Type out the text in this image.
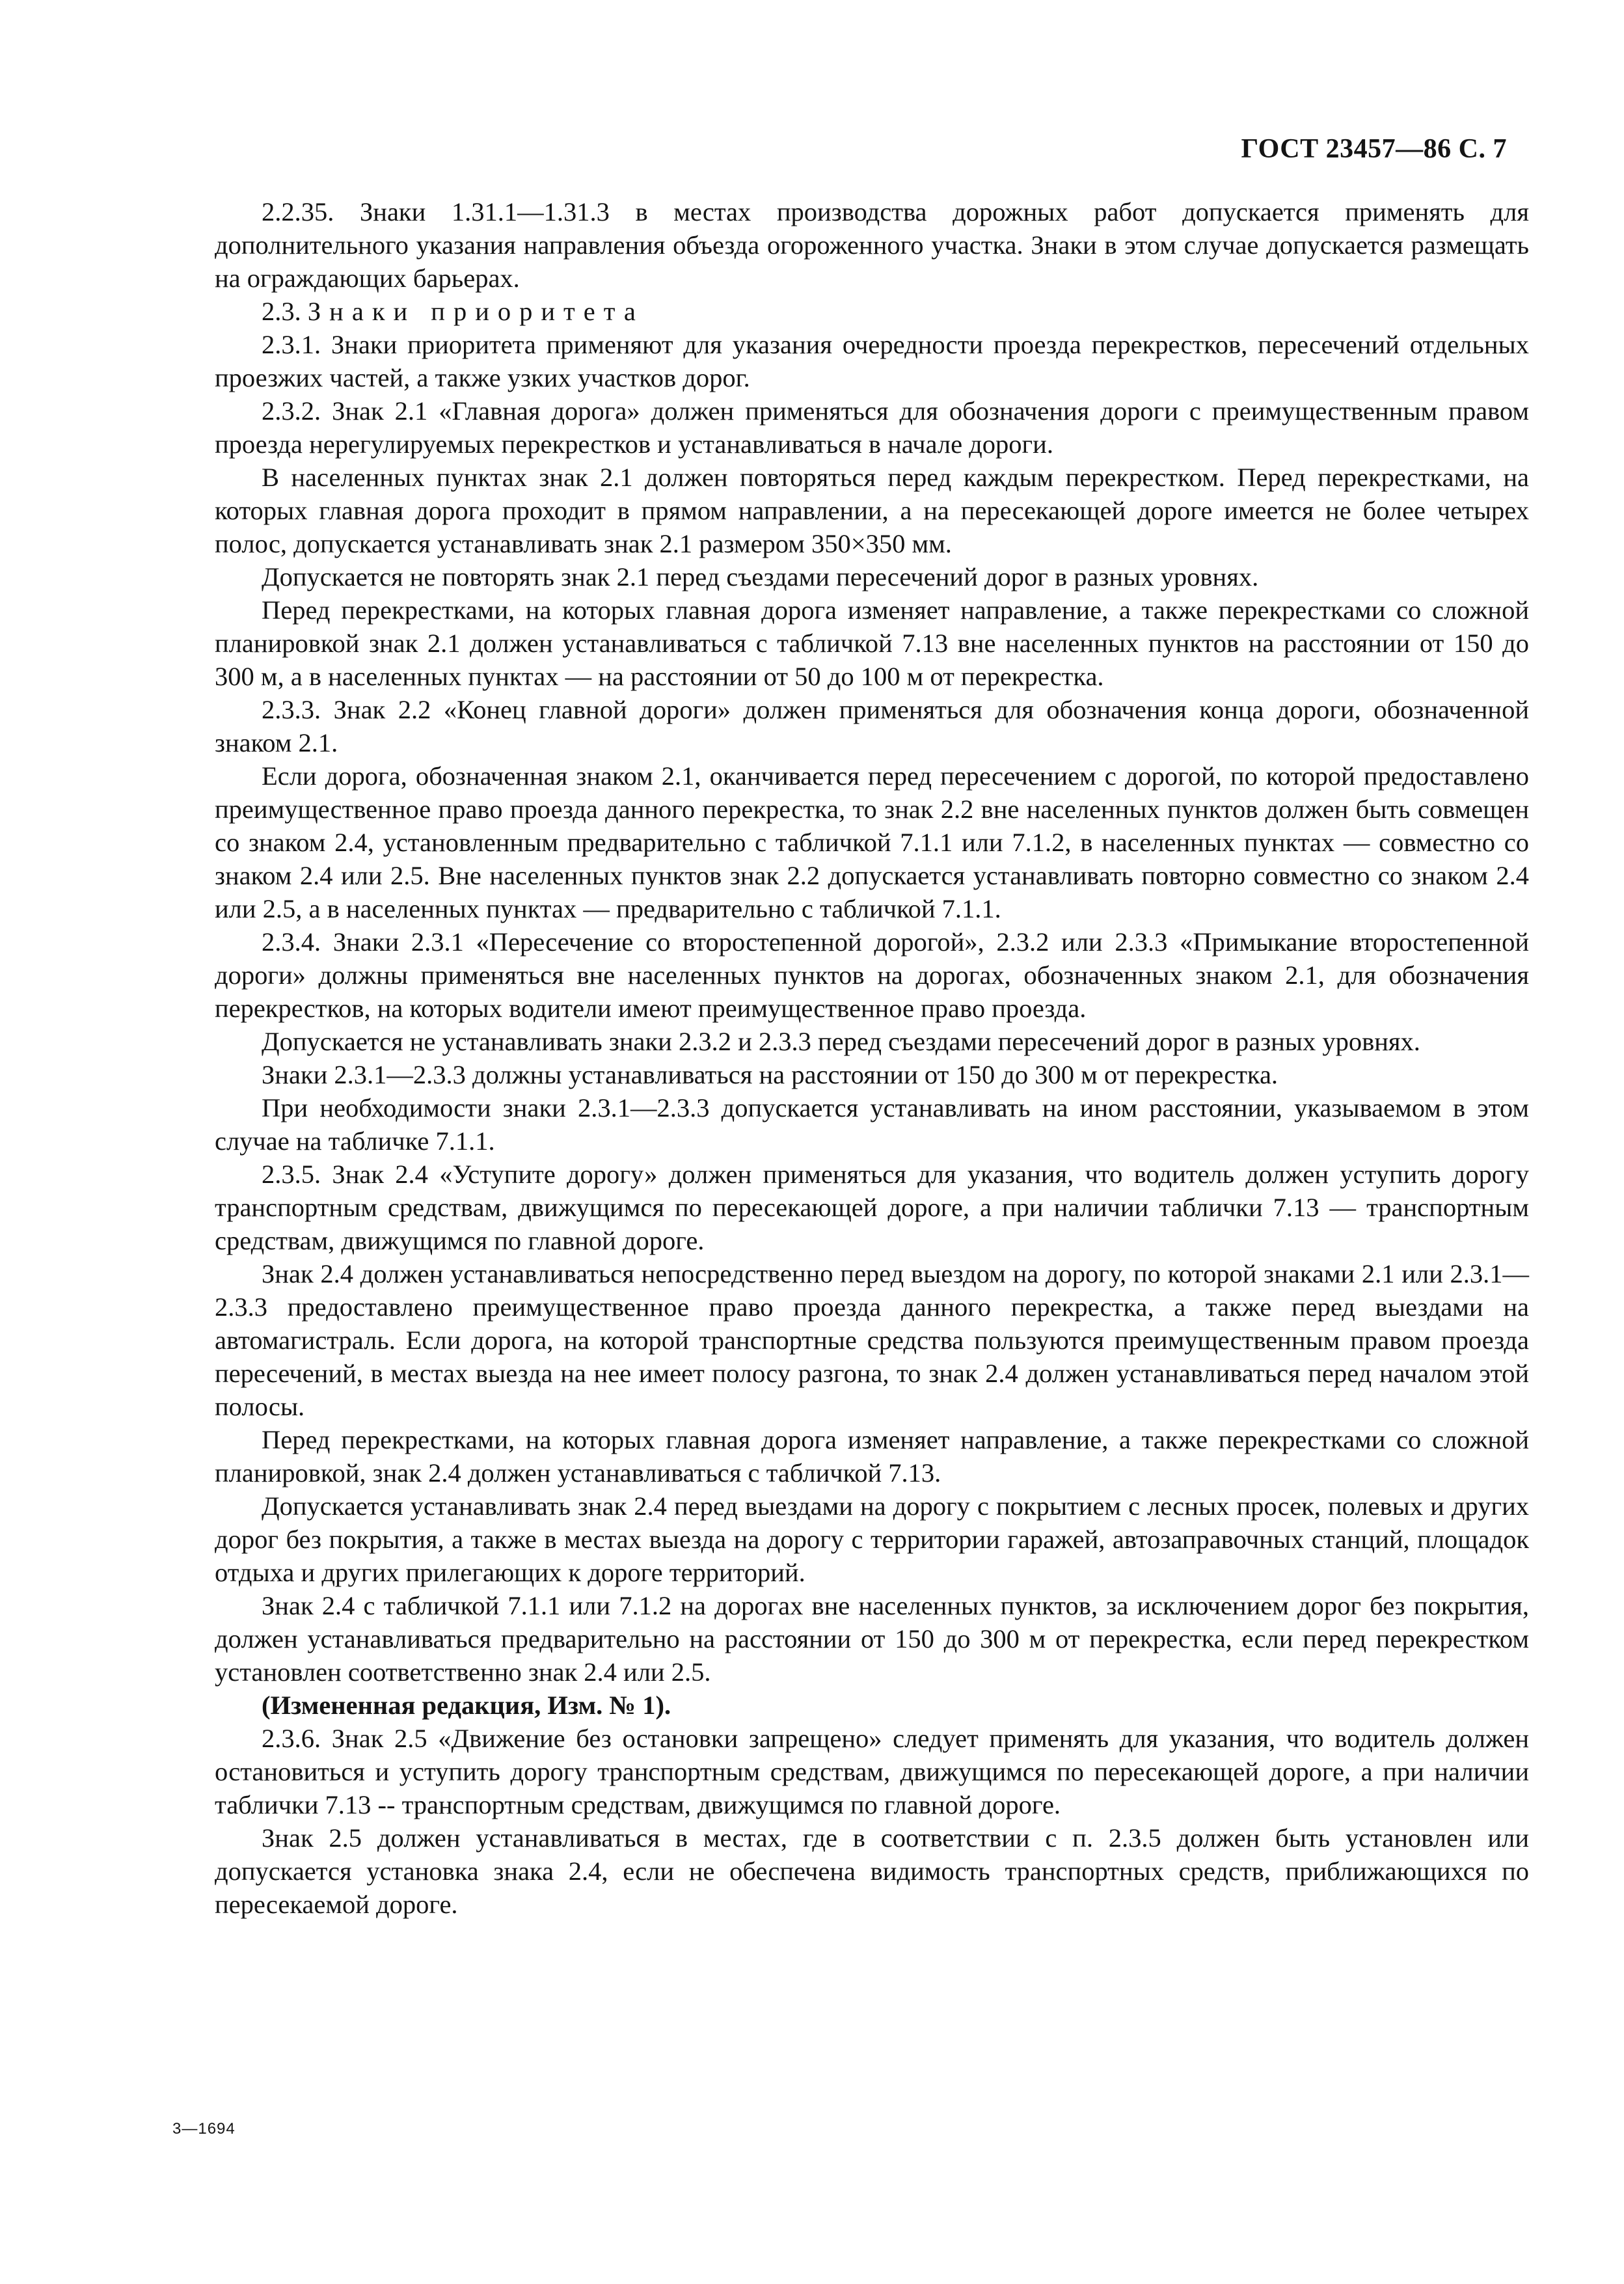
ГОСТ 23457—86 С. 7

2.2.35. Знаки 1.31.1—1.31.3 в местах производства дорожных работ допускается применять для дополнительного указания направления объезда огороженного участка. Знаки в этом случае допускается размещать на ограждающих барьерах.

2.3. Знаки приоритета

2.3.1. Знаки приоритета применяют для указания очередности проезда перекрестков, пересечений отдельных проезжих частей, а также узких участков дорог.

2.3.2. Знак 2.1 «Главная дорога» должен применяться для обозначения дороги с преимущественным правом проезда нерегулируемых перекрестков и устанавливаться в начале дороги.

В населенных пунктах знак 2.1 должен повторяться перед каждым перекрестком. Перед перекрестками, на которых главная дорога проходит в прямом направлении, а на пересекающей дороге имеется не более четырех полос, допускается устанавливать знак 2.1 размером 350×350 мм.

Допускается не повторять знак 2.1 перед съездами пересечений дорог в разных уровнях.

Перед перекрестками, на которых главная дорога изменяет направление, а также перекрестками со сложной планировкой знак 2.1 должен устанавливаться с табличкой 7.13 вне населенных пунктов на расстоянии от 150 до 300 м, а в населенных пунктах — на расстоянии от 50 до 100 м от перекрестка.

2.3.3. Знак 2.2 «Конец главной дороги» должен применяться для обозначения конца дороги, обозначенной знаком 2.1.

Если дорога, обозначенная знаком 2.1, оканчивается перед пересечением с дорогой, по которой предоставлено преимущественное право проезда данного перекрестка, то знак 2.2 вне населенных пунктов должен быть совмещен со знаком 2.4, установленным предварительно с табличкой 7.1.1 или 7.1.2, в населенных пунктах — совместно со знаком 2.4 или 2.5. Вне населенных пунктов знак 2.2 допускается устанавливать повторно совместно со знаком 2.4 или 2.5, а в населенных пунктах — предварительно с табличкой 7.1.1.

2.3.4. Знаки 2.3.1 «Пересечение со второстепенной дорогой», 2.3.2 или 2.3.3 «Примыкание второстепенной дороги» должны применяться вне населенных пунктов на дорогах, обозначенных знаком 2.1, для обозначения перекрестков, на которых водители имеют преимущественное право проезда.

Допускается не устанавливать знаки 2.3.2 и 2.3.3 перед съездами пересечений дорог в разных уровнях.

Знаки 2.3.1—2.3.3 должны устанавливаться на расстоянии от 150 до 300 м от перекрестка.

При необходимости знаки 2.3.1—2.3.3 допускается устанавливать на ином расстоянии, указываемом в этом случае на табличке 7.1.1.

2.3.5. Знак 2.4 «Уступите дорогу» должен применяться для указания, что водитель должен уступить дорогу транспортным средствам, движущимся по пересекающей дороге, а при наличии таблички 7.13 — транспортным средствам, движущимся по главной дороге.

Знак 2.4 должен устанавливаться непосредственно перед выездом на дорогу, по которой знаками 2.1 или 2.3.1—2.3.3 предоставлено преимущественное право проезда данного перекрестка, а также перед выездами на автомагистраль. Если дорога, на которой транспортные средства пользуются преимущественным правом проезда пересечений, в местах выезда на нее имеет полосу разгона, то знак 2.4 должен устанавливаться перед началом этой полосы.

Перед перекрестками, на которых главная дорога изменяет направление, а также перекрестками со сложной планировкой, знак 2.4 должен устанавливаться с табличкой 7.13.

Допускается устанавливать знак 2.4 перед выездами на дорогу с покрытием с лесных просек, полевых и других дорог без покрытия, а также в местах выезда на дорогу с территории гаражей, автозаправочных станций, площадок отдыха и других прилегающих к дороге территорий.

Знак 2.4 с табличкой 7.1.1 или 7.1.2 на дорогах вне населенных пунктов, за исключением дорог без покрытия, должен устанавливаться предварительно на расстоянии от 150 до 300 м от перекрестка, если перед перекрестком установлен соответственно знак 2.4 или 2.5.

(Измененная редакция, Изм. № 1).

2.3.6. Знак 2.5 «Движение без остановки запрещено» следует применять для указания, что водитель должен остановиться и уступить дорогу транспортным средствам, движущимся по пересекающей дороге, а при наличии таблички 7.13 -- транспортным средствам, движущимся по главной дороге.

Знак 2.5 должен устанавливаться в местах, где в соответствии с п. 2.3.5 должен быть установлен или допускается установка знака 2.4, если не обеспечена видимость транспортных средств, приближающихся по пересекаемой дороге.

3—1694
